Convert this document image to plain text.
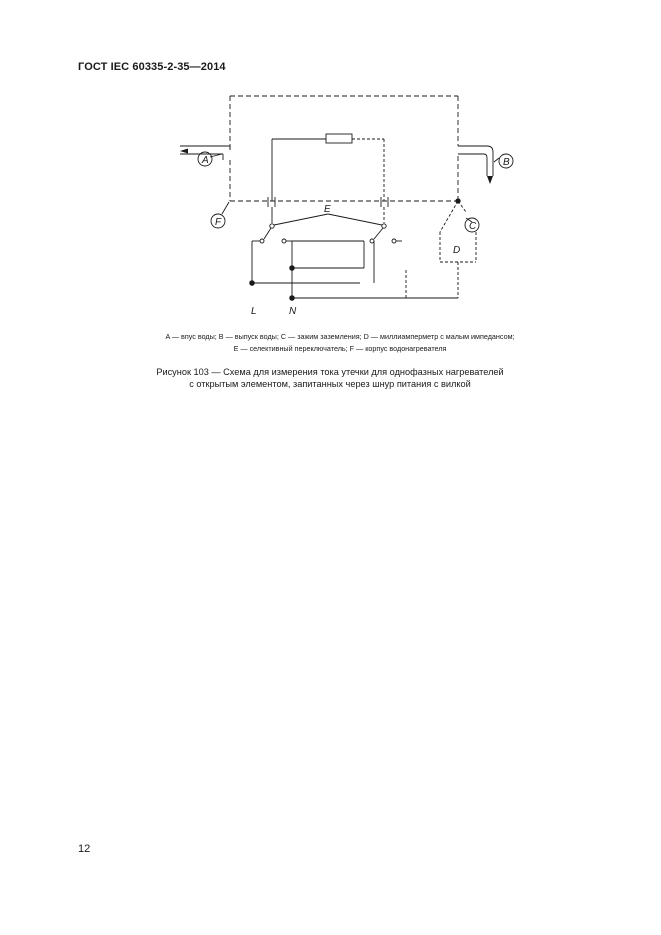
ГОСТ IEC 60335-2-35—2014
A	B
C
D
E
F
L	N
A — впус воды; B — выпуск воды; C — зажим заземления; D — миллиамперметр с малым импедансом;
E — селективный переключатель; F — корпус водонагревателя
Рисунок 103 — Схема для измерения тока утечки для однофазных нагревателей
с открытым элементом, запитанных через шнур питания с вилкой
12
